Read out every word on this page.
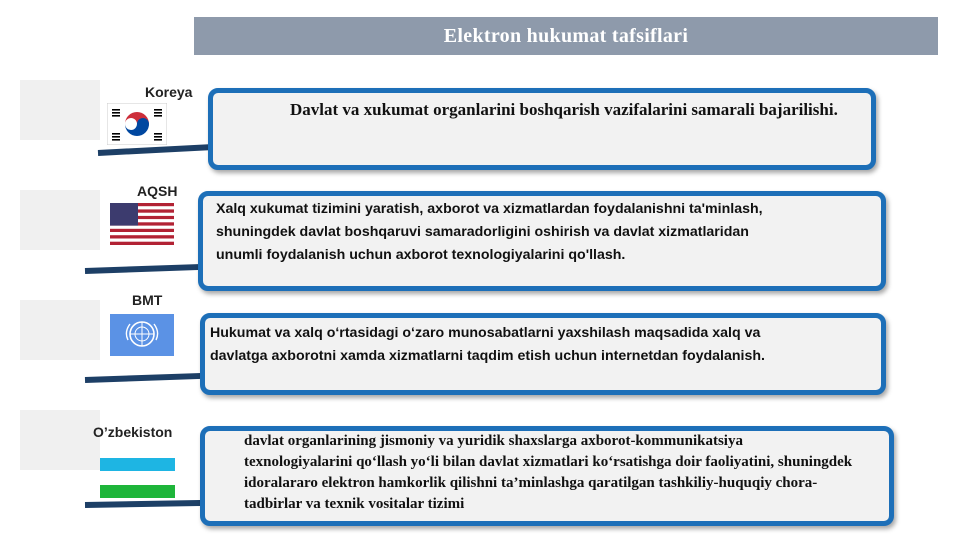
Elektron hukumat tafsiflari
Koreya
Davlat va xukumat organlarini boshqarish vazifalarini samarali bajarilishi.
AQSH
Xalq xukumat tizimini yaratish, axborot va xizmatlardan foydalanishni ta'minlash, shuningdek davlat boshqaruvi samaradorligini oshirish va davlat xizmatlaridan unumli foydalanish uchun axborot texnologiyalarini qo'llash.
BMT
Hukumat va xalq o‘rtasidagi o‘zaro munosabatlarni yaxshilash maqsadida xalq va davlatga axborotni xamda xizmatlarni taqdim etish uchun internetdan foydalanish.
O’zbekiston
davlat organlarining jismoniy va yuridik shaxslarga axborot-kommunikatsiya texnologiyalarini qo‘llash yo‘li bilan davlat xizmatlari ko‘rsatishga doir faoliyatini, shuningdek idoralararo elektron hamkorlik qilishni ta’minlashga qaratilgan tashkiliy-huquqiy chora-tadbirlar va texnik vositalar tizimi
